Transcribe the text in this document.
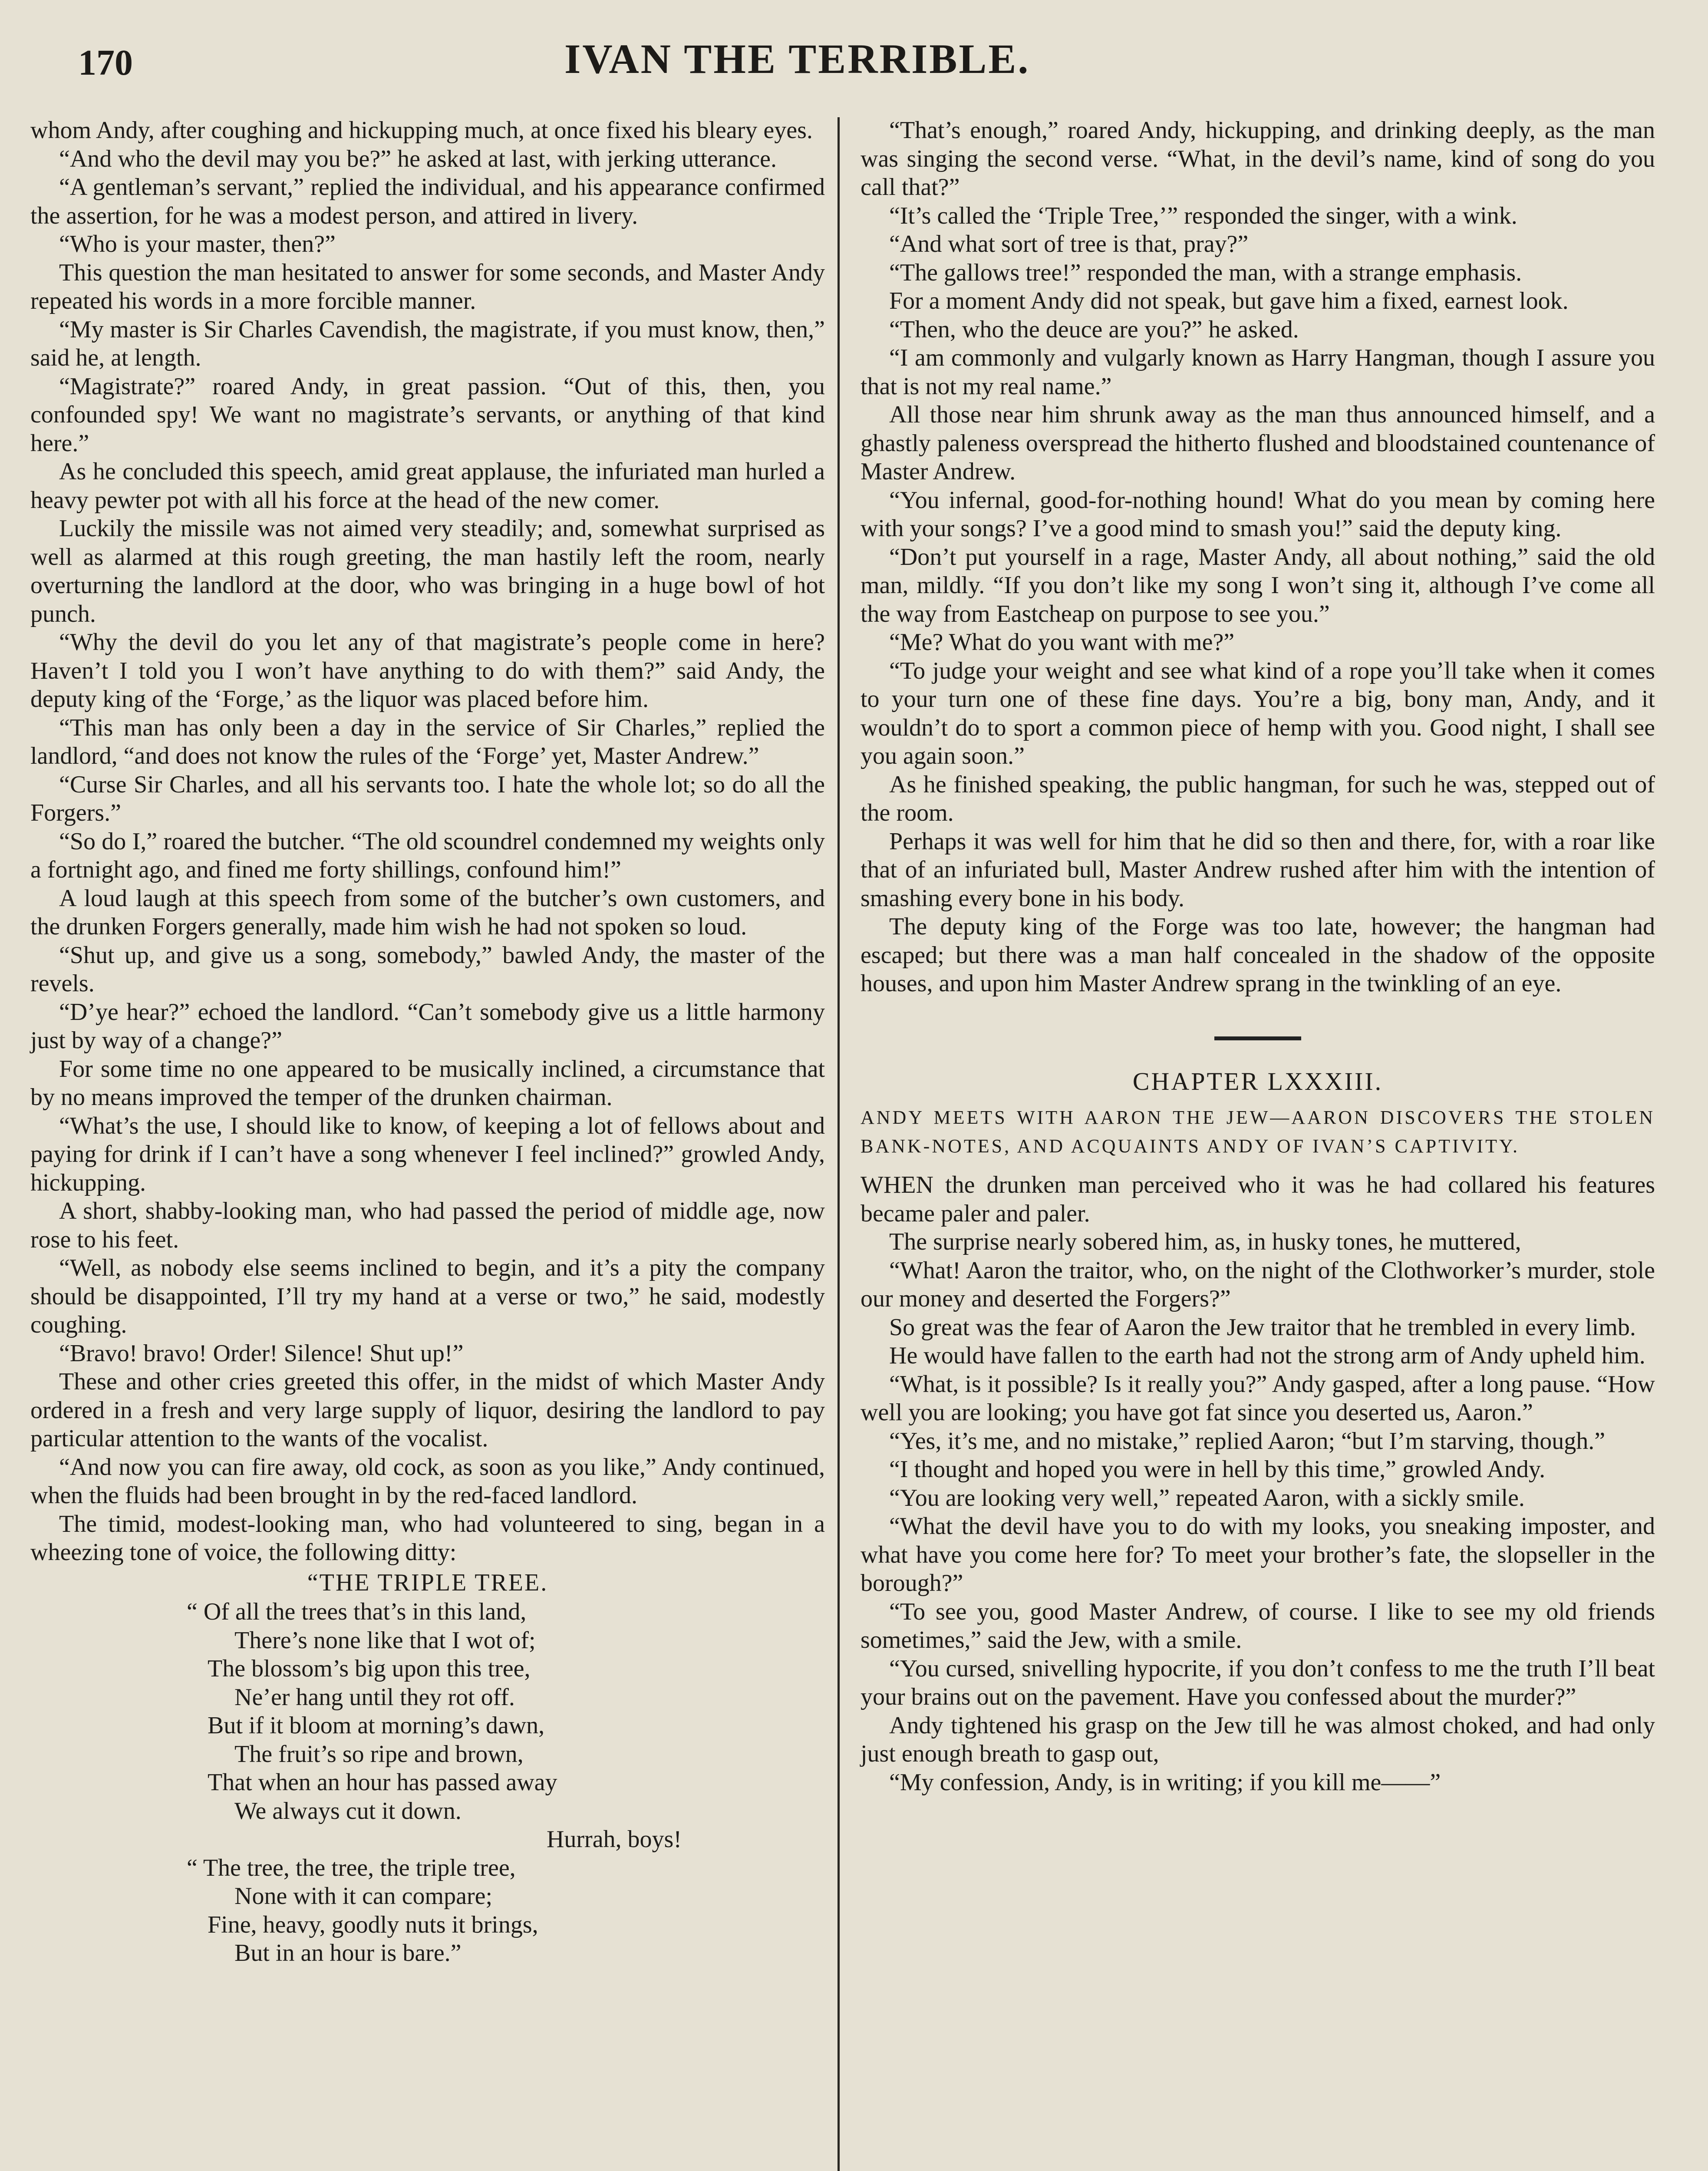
170	IVAN THE TERRIBLE.

whom Andy, after coughing and hickupping much, at once fixed his bleary eyes.

“And who the devil may you be?” he asked at last, with jerking utterance.

“A gentleman’s servant,” replied the individual, and his appearance confirmed the assertion, for he was a modest person, and attired in livery.

“Who is your master, then?”

This question the man hesitated to answer for some seconds, and Master Andy repeated his words in a more forcible manner.

“My master is Sir Charles Cavendish, the magistrate, if you must know, then,” said he, at length.

“Magistrate?” roared Andy, in great passion. “Out of this, then, you confounded spy! We want no magistrate’s servants, or anything of that kind here.”

As he concluded this speech, amid great applause, the infuriated man hurled a heavy pewter pot with all his force at the head of the new comer.

Luckily the missile was not aimed very steadily; and, somewhat surprised as well as alarmed at this rough greeting, the man hastily left the room, nearly overturning the landlord at the door, who was bringing in a huge bowl of hot punch.

“Why the devil do you let any of that magistrate’s people come in here? Haven’t I told you I won’t have anything to do with them?” said Andy, the deputy king of the ‘Forge,’ as the liquor was placed before him.

“This man has only been a day in the service of Sir Charles,” replied the landlord, “and does not know the rules of the ‘Forge’ yet, Master Andrew.”

“Curse Sir Charles, and all his servants too. I hate the whole lot; so do all the Forgers.”

“So do I,” roared the butcher. “The old scoundrel condemned my weights only a fortnight ago, and fined me forty shillings, confound him!”

A loud laugh at this speech from some of the butcher’s own customers, and the drunken Forgers generally, made him wish he had not spoken so loud.

“Shut up, and give us a song, somebody,” bawled Andy, the master of the revels.

“D’ye hear?” echoed the landlord. “Can’t somebody give us a little harmony just by way of a change?”

For some time no one appeared to be musically inclined, a circumstance that by no means improved the temper of the drunken chairman.

“What’s the use, I should like to know, of keeping a lot of fellows about and paying for drink if I can’t have a song whenever I feel inclined?” growled Andy, hickupping.

A short, shabby-looking man, who had passed the period of middle age, now rose to his feet.

“Well, as nobody else seems inclined to begin, and it’s a pity the company should be disappointed, I’ll try my hand at a verse or two,” he said, modestly coughing.

“Bravo! bravo! Order! Silence! Shut up!”

These and other cries greeted this offer, in the midst of which Master Andy ordered in a fresh and very large supply of liquor, desiring the landlord to pay particular attention to the wants of the vocalist.

“And now you can fire away, old cock, as soon as you like,” Andy continued, when the fluids had been brought in by the red-faced landlord.

The timid, modest-looking man, who had volunteered to sing, began in a wheezing tone of voice, the following ditty:

“THE TRIPLE TREE.
“ Of all the trees that’s in this land,
There’s none like that I wot of;
The blossom’s big upon this tree,
Ne’er hang until they rot off.
But if it bloom at morning’s dawn,
The fruit’s so ripe and brown,
That when an hour has passed away
We always cut it down.
Hurrah, boys!
“ The tree, the tree, the triple tree,
None with it can compare;
Fine, heavy, goodly nuts it brings,
But in an hour is bare.”

“That’s enough,” roared Andy, hickupping, and drinking deeply, as the man was singing the second verse. “What, in the devil’s name, kind of song do you call that?”

“It’s called the ‘Triple Tree,’” responded the singer, with a wink.

“And what sort of tree is that, pray?”

“The gallows tree!” responded the man, with a strange emphasis.

For a moment Andy did not speak, but gave him a fixed, earnest look.

“Then, who the deuce are you?” he asked.

“I am commonly and vulgarly known as Harry Hangman, though I assure you that is not my real name.”

All those near him shrunk away as the man thus announced himself, and a ghastly paleness overspread the hitherto flushed and bloodstained countenance of Master Andrew.

“You infernal, good-for-nothing hound! What do you mean by coming here with your songs? I’ve a good mind to smash you!” said the deputy king.

“Don’t put yourself in a rage, Master Andy, all about nothing,” said the old man, mildly. “If you don’t like my song I won’t sing it, although I’ve come all the way from Eastcheap on purpose to see you.”

“Me? What do you want with me?”

“To judge your weight and see what kind of a rope you’ll take when it comes to your turn one of these fine days. You’re a big, bony man, Andy, and it wouldn’t do to sport a common piece of hemp with you. Good night, I shall see you again soon.”

As he finished speaking, the public hangman, for such he was, stepped out of the room.

Perhaps it was well for him that he did so then and there, for, with a roar like that of an infuriated bull, Master Andrew rushed after him with the intention of smashing every bone in his body.

The deputy king of the Forge was too late, however; the hangman had escaped; but there was a man half concealed in the shadow of the opposite houses, and upon him Master Andrew sprang in the twinkling of an eye.

CHAPTER LXXXIII.
ANDY MEETS WITH AARON THE JEW—AARON DISCOVERS THE STOLEN BANK-NOTES, AND ACQUAINTS ANDY OF IVAN’S CAPTIVITY.

WHEN the drunken man perceived who it was he had collared his features became paler and paler.

The surprise nearly sobered him, as, in husky tones, he muttered,

“What! Aaron the traitor, who, on the night of the Clothworker’s murder, stole our money and deserted the Forgers?”

So great was the fear of Aaron the Jew traitor that he trembled in every limb.

He would have fallen to the earth had not the strong arm of Andy upheld him.

“What, is it possible? Is it really you?” Andy gasped, after a long pause. “How well you are looking; you have got fat since you deserted us, Aaron.”

“Yes, it’s me, and no mistake,” replied Aaron; “but I’m starving, though.”

“I thought and hoped you were in hell by this time,” growled Andy.

“You are looking very well,” repeated Aaron, with a sickly smile.

“What the devil have you to do with my looks, you sneaking imposter, and what have you come here for? To meet your brother’s fate, the slopseller in the borough?”

“To see you, good Master Andrew, of course. I like to see my old friends sometimes,” said the Jew, with a smile.

“You cursed, snivelling hypocrite, if you don’t confess to me the truth I’ll beat your brains out on the pavement. Have you confessed about the murder?”

Andy tightened his grasp on the Jew till he was almost choked, and had only just enough breath to gasp out,

“My confession, Andy, is in writing; if you kill me——”
